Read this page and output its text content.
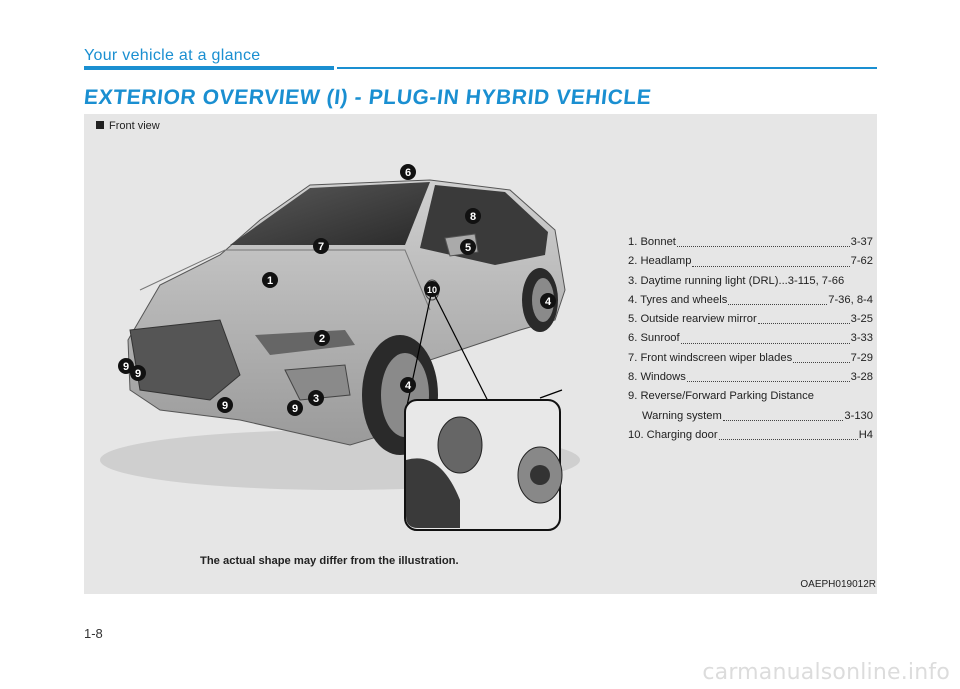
Your vehicle at a glance
EXTERIOR OVERVIEW (I) - PLUG-IN HYBRID VEHICLE
Front view
1
2
3
4
4
5
6
7
8
9
9
9	9
10
1. Bonnet	3-37
2. Headlamp	7-62
3. Daytime running light (DRL)... 3-115, 7-66
4. Tyres and wheels	7-36, 8-4
5. Outside rearview mirror	3-25
6. Sunroof	3-33
7. Front windscreen wiper blades	7-29
8. Windows	3-28
9. Reverse/Forward Parking Distance
Warning system	3-130
10. Charging door	H4
The actual shape may differ from the illustration.
OAEPH019012R
1-8
carmanualsonline.info
